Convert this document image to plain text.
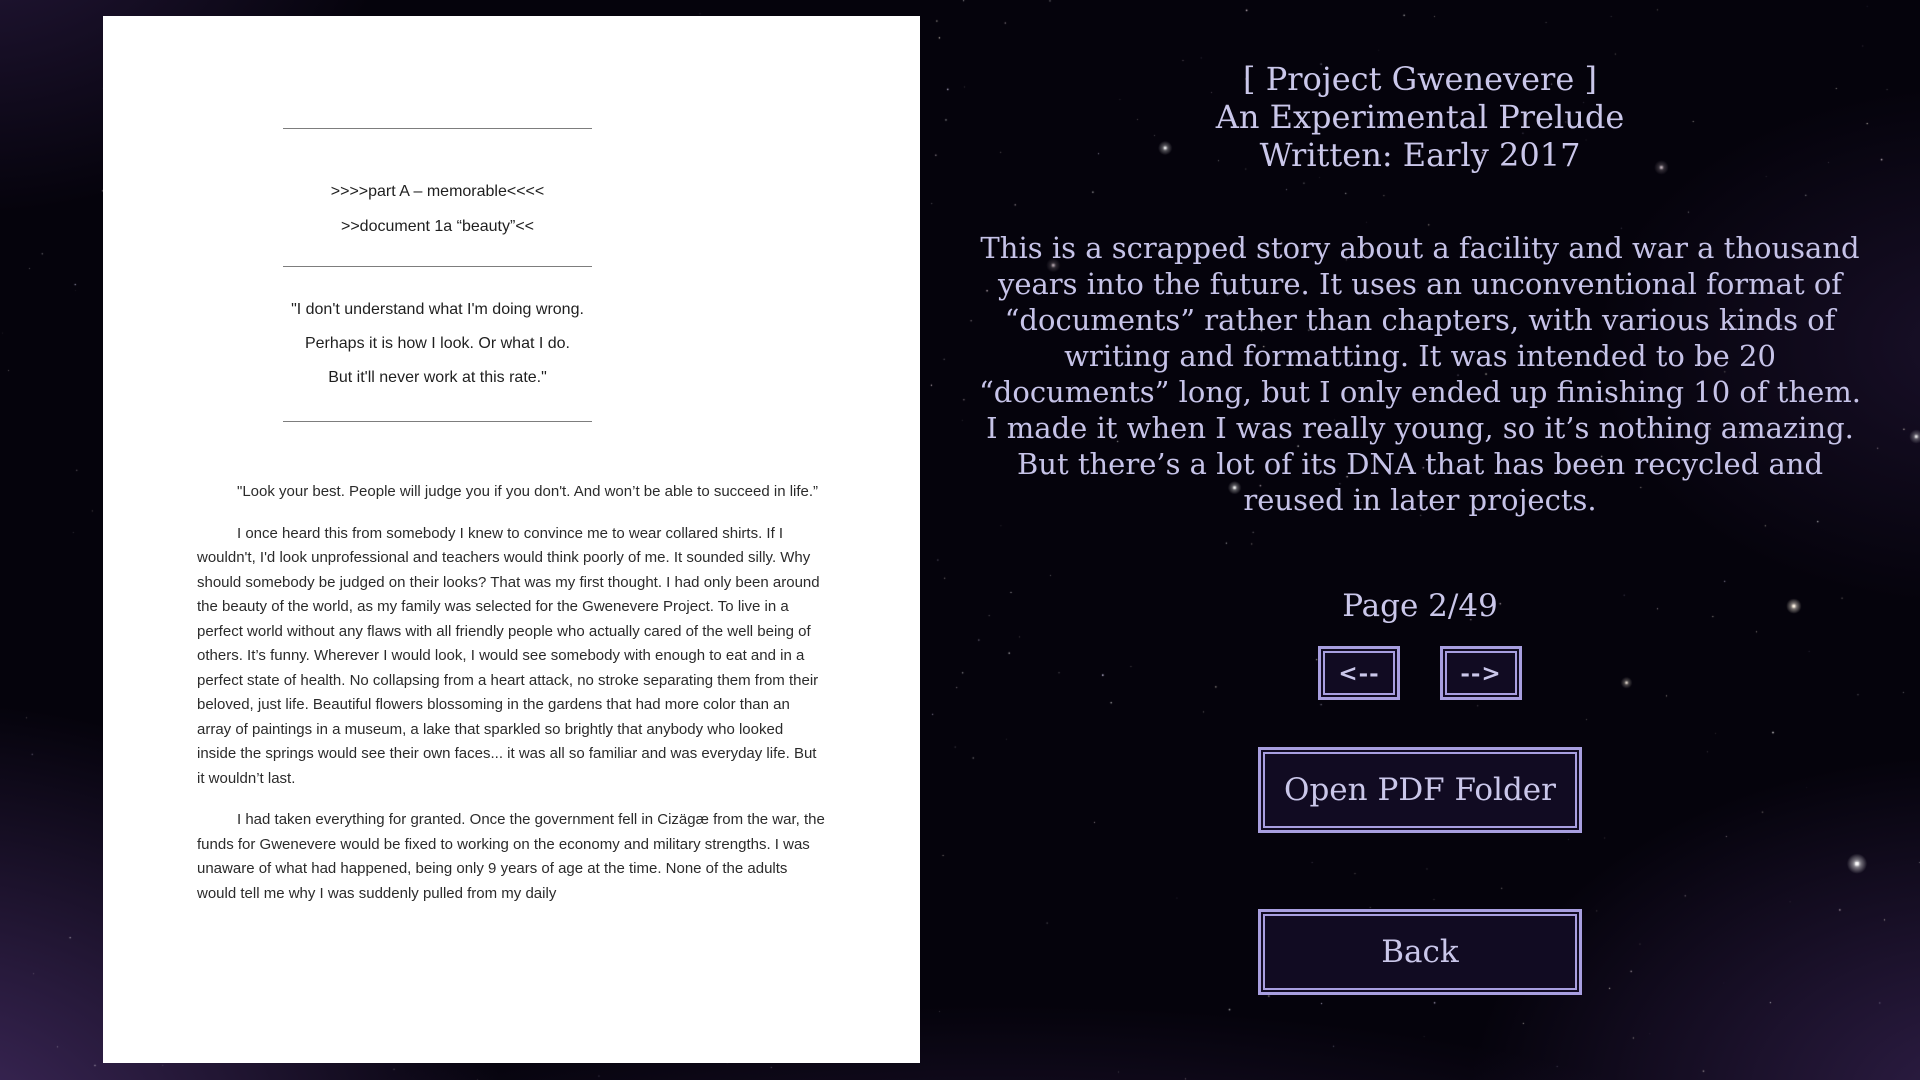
>>>>part A – memorable<<<<
>>document 1a “beauty”<<
"I don't understand what I'm doing wrong.
Perhaps it is how I look. Or what I do.
But it'll never work at this rate."

"Look your best. People will judge you if you don't. And won’t be able to succeed in life.”

I once heard this from somebody I knew to convince me to wear collared shirts. If I wouldn't, I'd look unprofessional and teachers would think poorly of me. It sounded silly. Why should somebody be judged on their looks? That was my first thought. I had only been around the beauty of the world, as my family was selected for the Gwenevere Project. To live in a perfect world without any flaws with all friendly people who actually cared of the well being of others. It’s funny. Wherever I would look, I would see somebody with enough to eat and in a perfect state of health. No collapsing from a heart attack, no stroke separating them from their beloved, just life. Beautiful flowers blossoming in the gardens that had more color than an array of paintings in a museum, a lake that sparkled so brightly that anybody who looked inside the springs would see their own faces... it was all so familiar and was everyday life. But it wouldn’t last.

I had taken everything for granted. Once the government fell in Cizägæ from the war, the funds for Gwenevere would be fixed to working on the economy and military strengths. I was unaware of what had happened, being only 9 years of age at the time. None of the adults would tell me why I was suddenly pulled from my daily

[ Project Gwenevere ]
An Experimental Prelude
Written: Early 2017
This is a scrapped story about a facility and war a thousand years into the future. It uses an unconventional format of “documents” rather than chapters, with various kinds of writing and formatting. It was intended to be 20 “documents” long, but I only ended up finishing 10 of them. I made it when I was really young, so it’s nothing amazing. But there’s a lot of its DNA that has been recycled and reused in later projects.
Page 2/49
<--	-->
Open PDF Folder
Back
